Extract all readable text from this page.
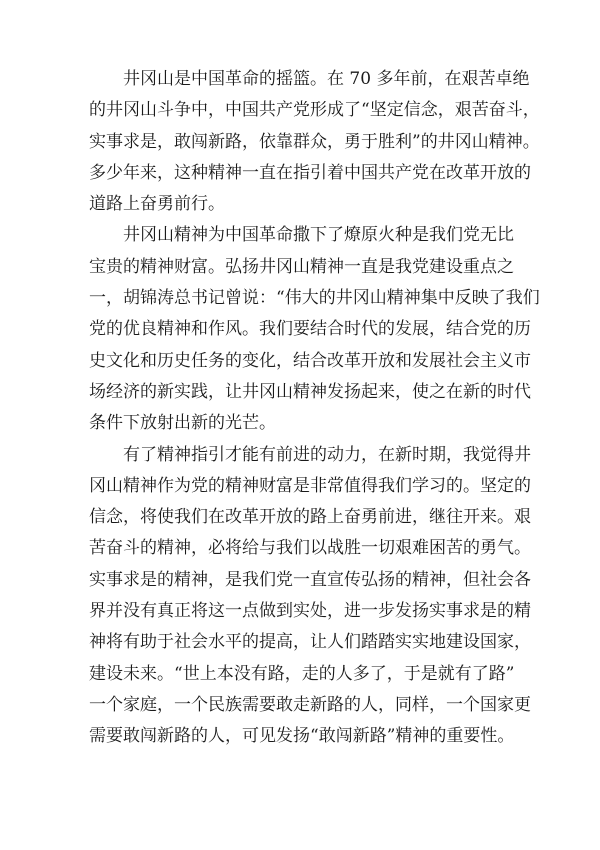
井冈山是中国革命的摇篮。在 70 多年前，在艰苦卓绝
的井冈山斗争中，中国共产党形成了“坚定信念，艰苦奋斗，
实事求是，敢闯新路，依靠群众，勇于胜利”的井冈山精神。
多少年来，这种精神一直在指引着中国共产党在改革开放的
道路上奋勇前行。
井冈山精神为中国革命撒下了燎原火种是我们党无比
宝贵的精神财富。弘扬井冈山精神一直是我党建设重点之
一，胡锦涛总书记曾说：“伟大的井冈山精神集中反映了我们
党的优良精神和作风。我们要结合时代的发展，结合党的历
史文化和历史任务的变化，结合改革开放和发展社会主义市
场经济的新实践，让井冈山精神发扬起来，使之在新的时代
条件下放射出新的光芒。
有了精神指引才能有前进的动力，在新时期，我觉得井
冈山精神作为党的精神财富是非常值得我们学习的。坚定的
信念，将使我们在改革开放的路上奋勇前进，继往开来。艰
苦奋斗的精神，必将给与我们以战胜一切艰难困苦的勇气。
实事求是的精神，是我们党一直宣传弘扬的精神，但社会各
界并没有真正将这一点做到实处，进一步发扬实事求是的精
神将有助于社会水平的提高，让人们踏踏实实地建设国家，
建设未来。“世上本没有路，走的人多了，于是就有了路”
一个家庭，一个民族需要敢走新路的人，同样，一个国家更
需要敢闯新路的人，可见发扬“敢闯新路”精神的重要性。
